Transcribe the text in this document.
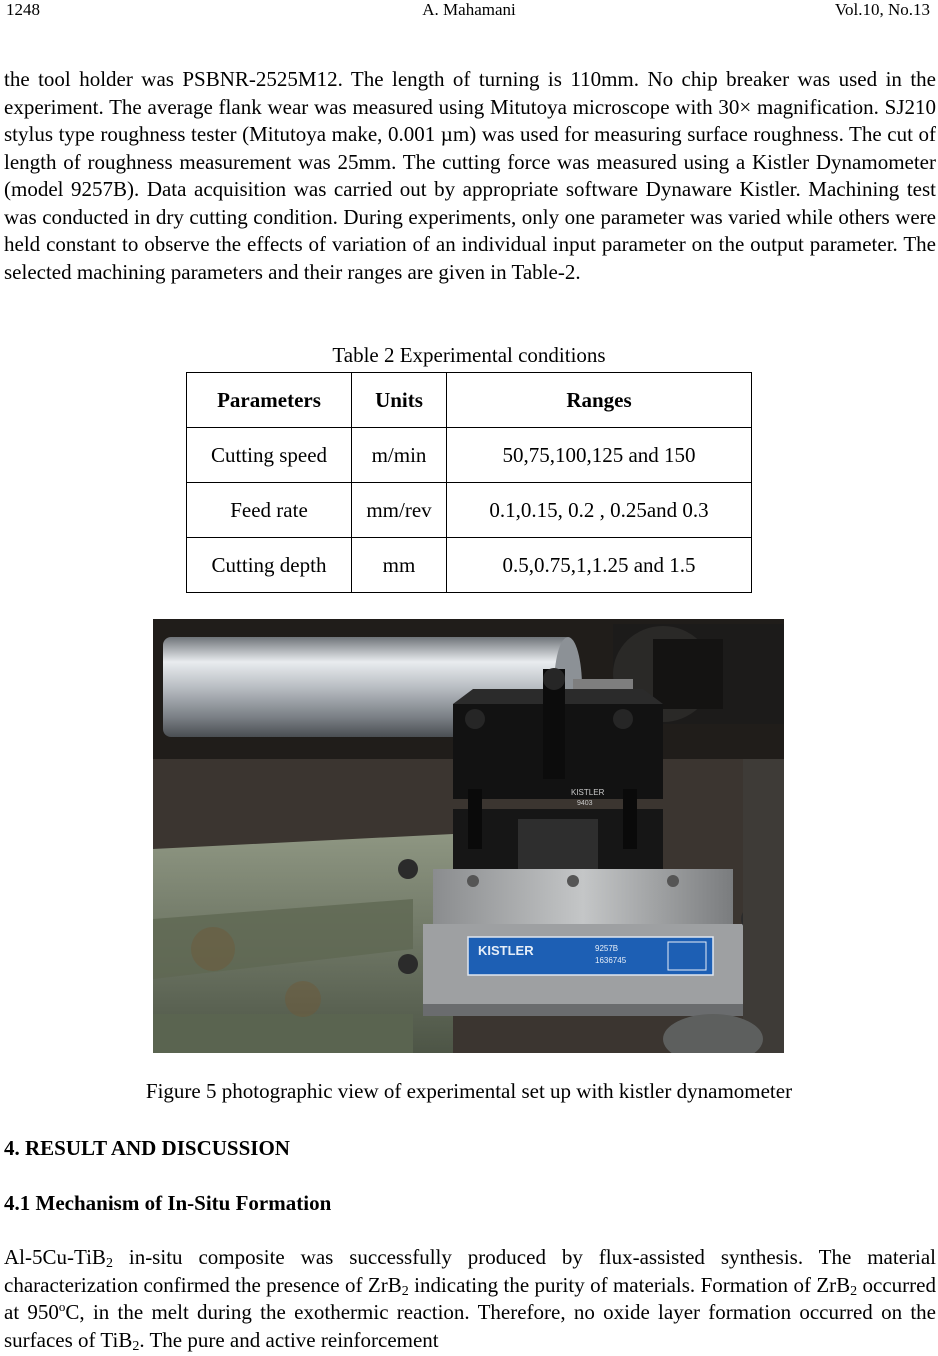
1248	A. Mahamani	Vol.10, No.13

the tool holder was PSBNR-2525M12. The length of turning is 110mm. No chip breaker was used in the experiment. The average flank wear was measured using Mitutoya microscope with 30× magnification. SJ210 stylus type roughness tester (Mitutoya make, 0.001 µm) was used for measuring surface roughness. The cut of length of roughness measurement was 25mm. The cutting force was measured using a Kistler Dynamometer (model 9257B). Data acquisition was carried out by appropriate software Dynaware Kistler. Machining test was conducted in dry cutting condition. During experiments, only one parameter was varied while others were held constant to observe the effects of variation of an individual input parameter on the output parameter. The selected machining parameters and their ranges are given in Table-2.

Table 2 Experimental conditions
Parameters	Units	Ranges
Cutting speed	m/min	50,75,100,125 and 150
Feed rate	mm/rev	0.1,0.15, 0.2 , 0.25and 0.3
Cutting depth	mm	0.5,0.75,1,1.25 and 1.5
KISTLER
9403
KISTLER	9257B
1636745
Figure 5 photographic view of experimental set up with kistler dynamometer
4. RESULT AND DISCUSSION
4.1 Mechanism of In-Situ Formation

Al-5Cu-TiB$_2$ in-situ composite was successfully produced by flux-assisted synthesis. The material characterization confirmed the presence of ZrB$_2$ indicating the purity of materials. Formation of ZrB$_2$ occurred at 950$^o$C, in the melt during the exothermic reaction. Therefore, no oxide layer formation occurred on the surfaces of TiB$_2$. The pure and active reinforcement
